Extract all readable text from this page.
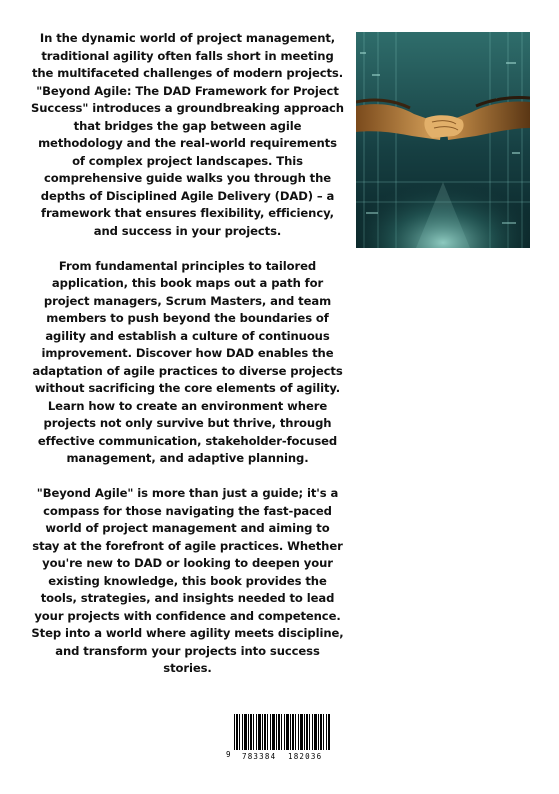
In the dynamic world of project management, traditional agility often falls short in meeting the multifaceted challenges of modern projects. "Beyond Agile: The DAD Framework for Project Success" introduces a groundbreaking approach that bridges the gap between agile methodology and the real-world requirements of complex project landscapes. This comprehensive guide walks you through the depths of Disciplined Agile Delivery (DAD) – a framework that ensures flexibility, efficiency, and success in your projects.

From fundamental principles to tailored application, this book maps out a path for project managers, Scrum Masters, and team members to push beyond the boundaries of agility and establish a culture of continuous improvement. Discover how DAD enables the adaptation of agile practices to diverse projects without sacrificing the core elements of agility. Learn how to create an environment where projects not only survive but thrive, through effective communication, stakeholder-focused management, and adaptive planning.

"Beyond Agile" is more than just a guide; it's a compass for those navigating the fast-paced world of project management and aiming to stay at the forefront of agile practices. Whether you're new to DAD or looking to deepen your existing knowledge, this book provides the tools, strategies, and insights needed to lead your projects with confidence and competence. Step into a world where agility meets discipline, and transform your projects into success stories.

9 783384 182036
